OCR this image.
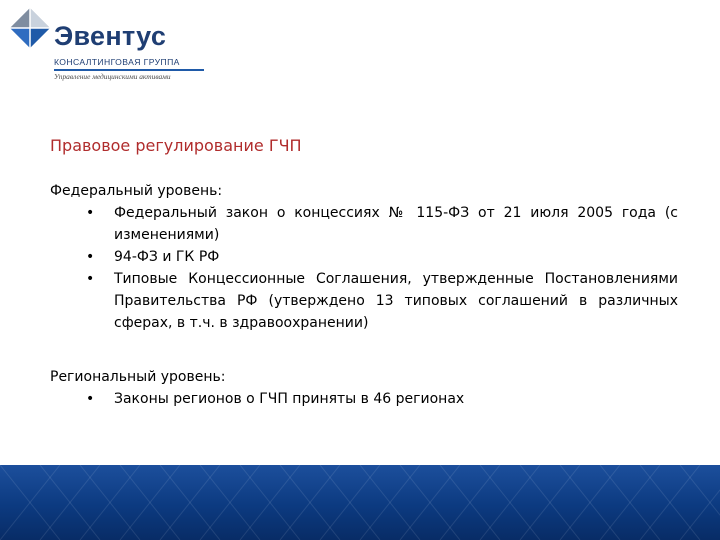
Эвентус
КОНСАЛТИНГОВАЯ ГРУППА
Управление медицинскими активами
Правовое регулирование ГЧП
Федеральный уровень:
• Федеральный закон о концессиях № 115-ФЗ от 21 июля 2005 года (с изменениями)
• 94-ФЗ и ГК РФ
• Типовые Концессионные Соглашения, утвержденные Постановлениями Правительства РФ (утверждено 13 типовых соглашений в различных сферах, в т.ч. в здравоохранении)
Региональный уровень:
• Законы регионов о ГЧП приняты в 46 регионах
